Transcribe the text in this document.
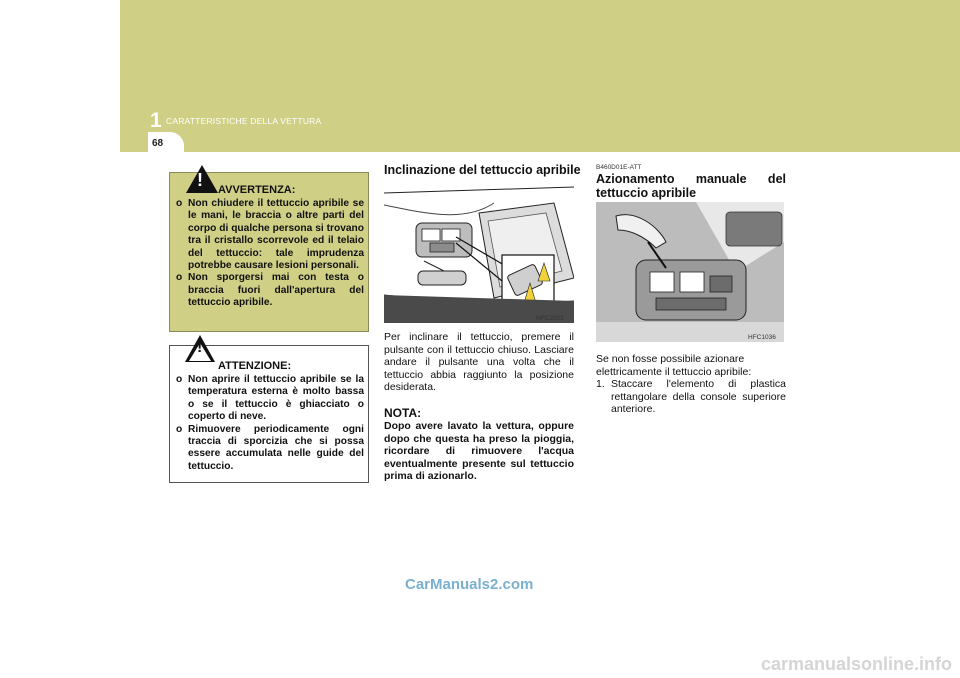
1 CARATTERISTICHE DELLA VETTURA
68
! AVVERTENZA:
o Non chiudere il tettuccio apribile se le mani, le braccia o altre parti del corpo di qualche persona si trovano tra il cristallo scorrevole ed il telaio del tettuccio: tale imprudenza potrebbe causare lesioni personali.
o Non sporgersi mai con testa o braccia fuori dall'apertura del tettuccio apribile.
!
ATTENZIONE:
o Non aprire il tettuccio apribile se la temperatura esterna è molto bassa o se il tettuccio è ghiacciato o coperto di neve.
o Rimuovere periodicamente ogni traccia di sporcizia che si possa essere accumulata nelle guide del tettuccio.
Inclinazione del tettuccio apribile
HFC2022
Per inclinare il tettuccio, premere il pulsante con il tettuccio chiuso. Lasciare andare il pulsante una volta che il tettuccio abbia raggiunto la posizione desiderata.
NOTA:
Dopo avere lavato la vettura, oppure dopo che questa ha preso la pioggia, ricordare di rimuovere l'acqua eventualmente presente sul tettuccio prima di azionarlo.
B460D01E-ATT
Azionamento manuale del tettuccio apribile
HFC1036
Se non fosse possibile azionare elettricamente il tettuccio apribile:
1. Staccare l'elemento di plastica rettangolare della console superiore anteriore.
CarManuals2.com
carmanualsonline.info
